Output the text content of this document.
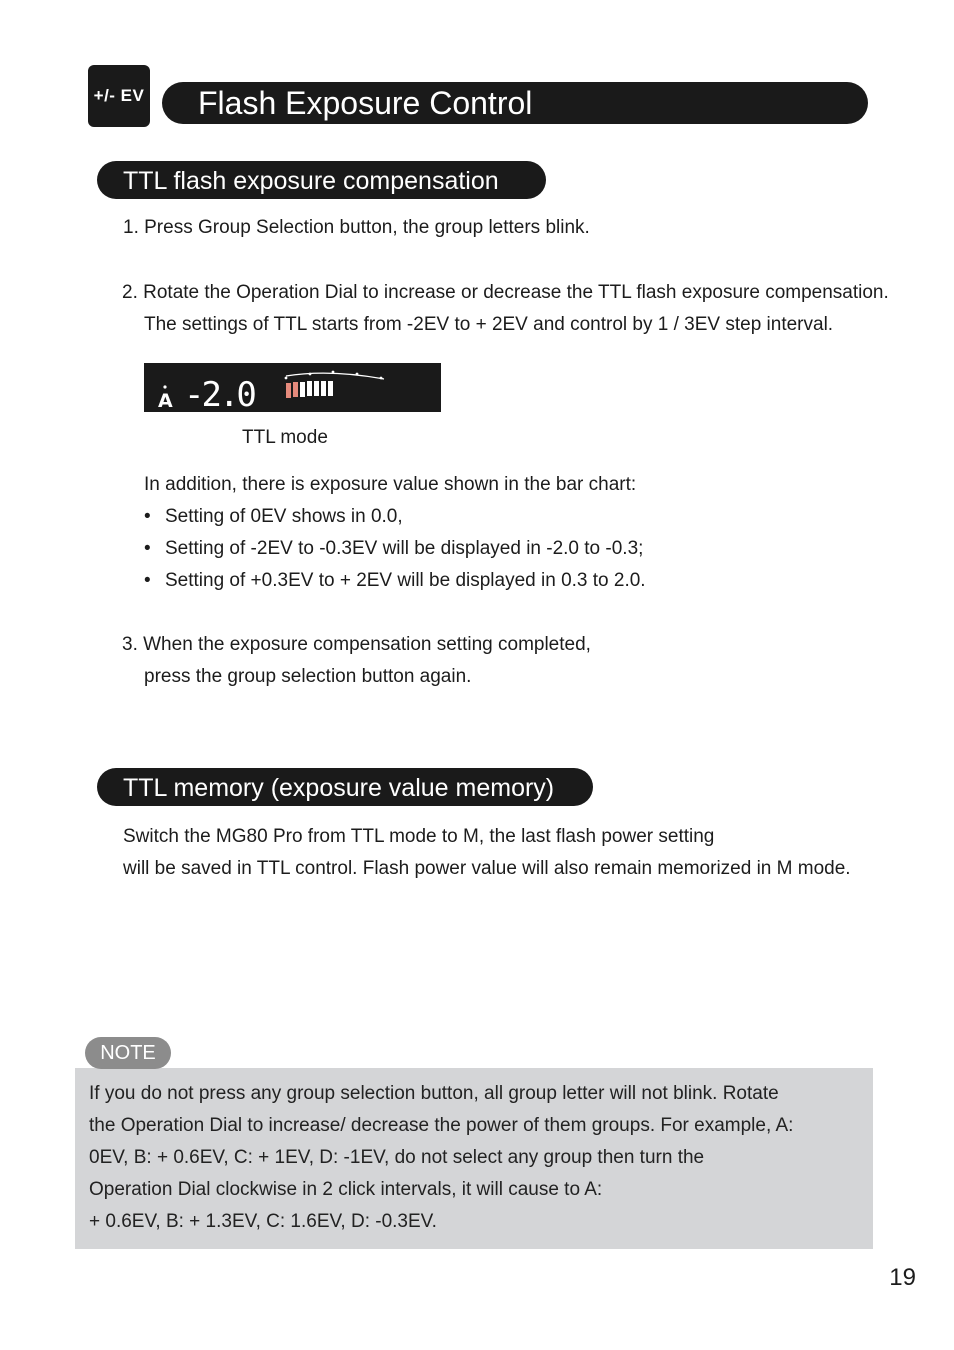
+/- EV	Flash Exposure Control
TTL flash exposure compensation
1. Press Group Selection button, the group letters blink.
2. Rotate the Operation Dial to increase or decrease the TTL flash exposure compensation.
The settings of TTL starts from -2EV to + 2EV and control by 1 / 3EV step interval.
A -2.0
TTL mode
In addition, there is exposure value shown in the bar chart:
• Setting of 0EV shows in 0.0,
• Setting of -2EV to -0.3EV will be displayed in -2.0 to -0.3;
• Setting of +0.3EV to + 2EV will be displayed in 0.3 to 2.0.
3. When the exposure compensation setting completed,
press the group selection button again.
TTL memory (exposure value memory)
Switch the MG80 Pro from TTL mode to M, the last flash power setting
will be saved in TTL control. Flash power value will also remain memorized in M mode.
If you do not press any group selection button, all group letter will not blink. Rotate
the Operation Dial to increase/ decrease the power of them groups. For example, A:
0EV, B: + 0.6EV, C: + 1EV, D: -1EV, do not select any group then turn the
Operation Dial clockwise in 2 click intervals, it will cause to A:
+ 0.6EV, B: + 1.3EV, C: 1.6EV, D: -0.3EV.
NOTE
19
